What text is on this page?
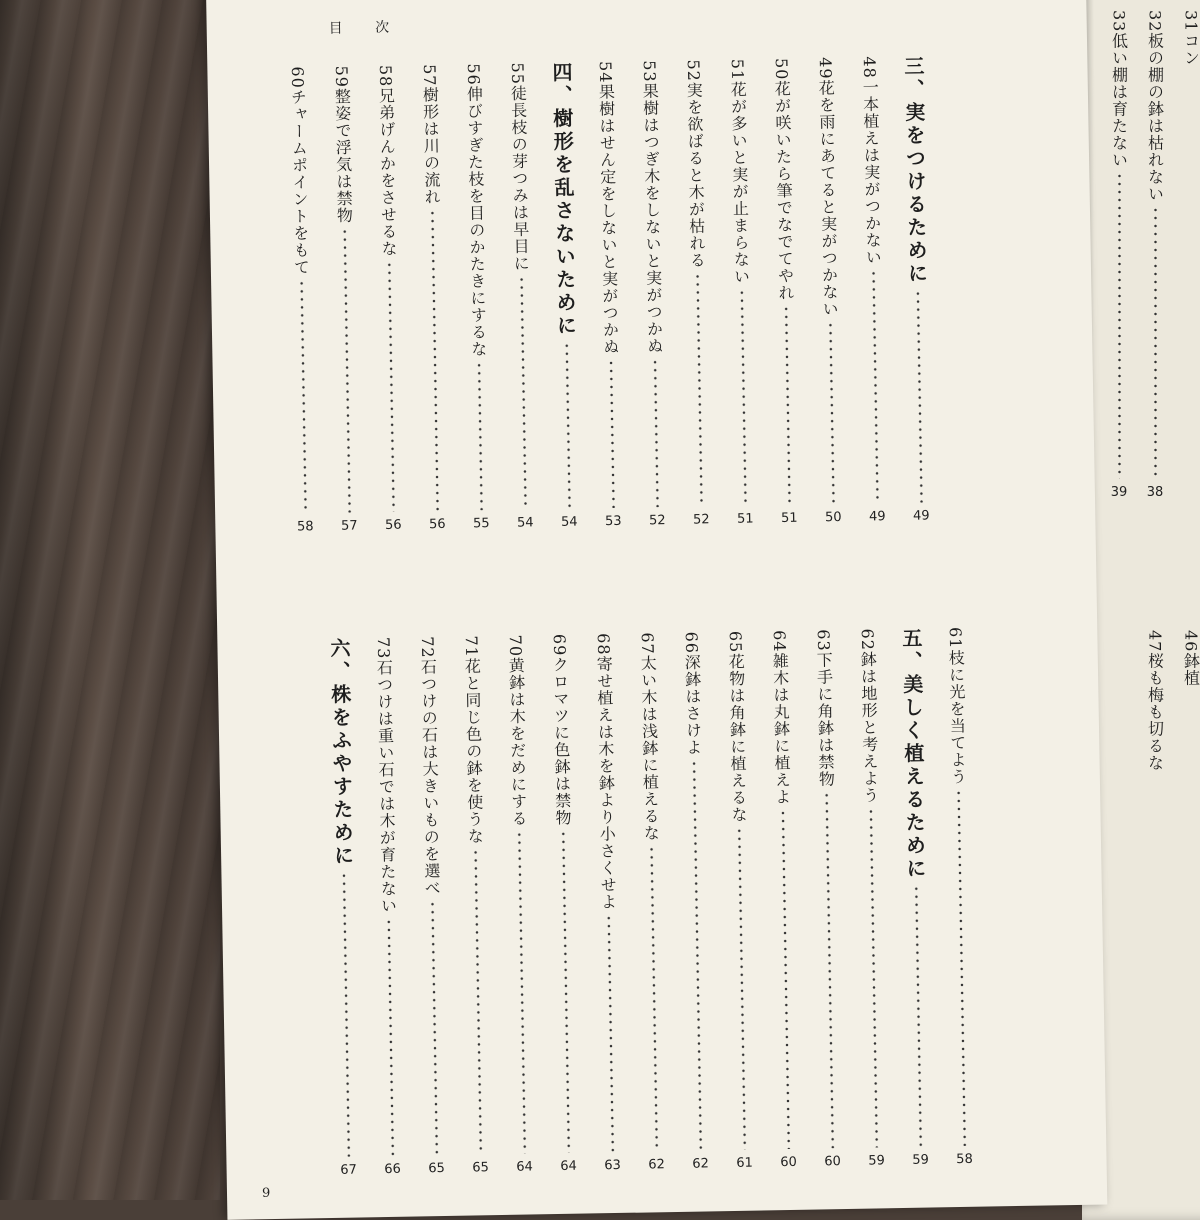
31コン
32板の棚の鉢は枯れない
38
33低い棚は育たない
39
46鉢植
47桜も梅も切るな
目 次
三、実をつけるために
49
48一本植えは実がつかない
49
49花を雨にあてると実がつかない
50
50花が咲いたら筆でなでてやれ
51
51花が多いと実が止まらない
51
52実を欲ばると木が枯れる
52
53果樹はつぎ木をしないと実がつかぬ
52
54果樹はせん定をしないと実がつかぬ
53
四、樹形を乱さないために
54
55徒長枝の芽つみは早目に
54
56伸びすぎた枝を目のかたきにするな
55
57樹形は川の流れ
56
58兄弟げんかをさせるな
56
59整姿で浮気は禁物
57
60チャームポイントをもて
58
61枝に光を当てよう
58
五、美しく植えるために
59
62鉢は地形と考えよう
59
63下手に角鉢は禁物
60
64雑木は丸鉢に植えよ
60
65花物は角鉢に植えるな
61
66深鉢はさけよ
62
67太い木は浅鉢に植えるな
62
68寄せ植えは木を鉢より小さくせよ
63
69クロマツに色鉢は禁物
64
70黄鉢は木をだめにする
64
71花と同じ色の鉢を使うな
65
72石つけの石は大きいものを選べ
65
73石つけは重い石では木が育たない
66
六、株をふやすために
67
9
